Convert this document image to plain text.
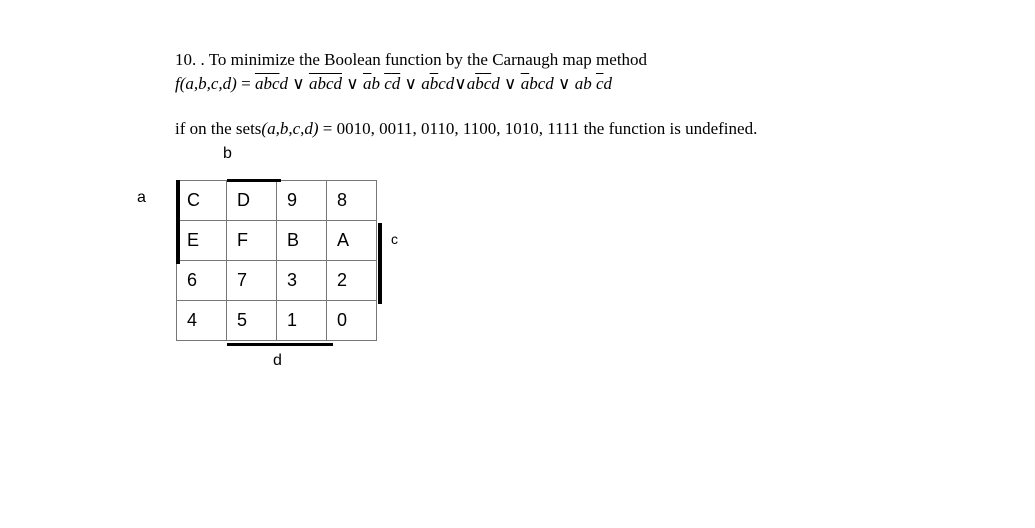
10. . To minimize the Boolean function by the Carnaugh map method
$f(a,b,c,d) = \overline{a}\overline{b}\overline{c}d$ ∨ $\overline{a}\overline{b}\overline{c}\overline{d}$ ∨ $\overline{a}b$ $\overline{c}\overline{d}$ ∨ $a\overline{b}cd\vee a\overline{b}\overline{c}d$ ∨ $\overline{a}bcd$ ∨ ab $\overline{c}d$
if on the sets(a,b,c,d) = 0010, 0011, 0110, 1100, 1010, 1111 the function is undefined.
b
a
c
d
C	D	9	8
E	F	B	A
6	7	3	2
4	5	1	0
